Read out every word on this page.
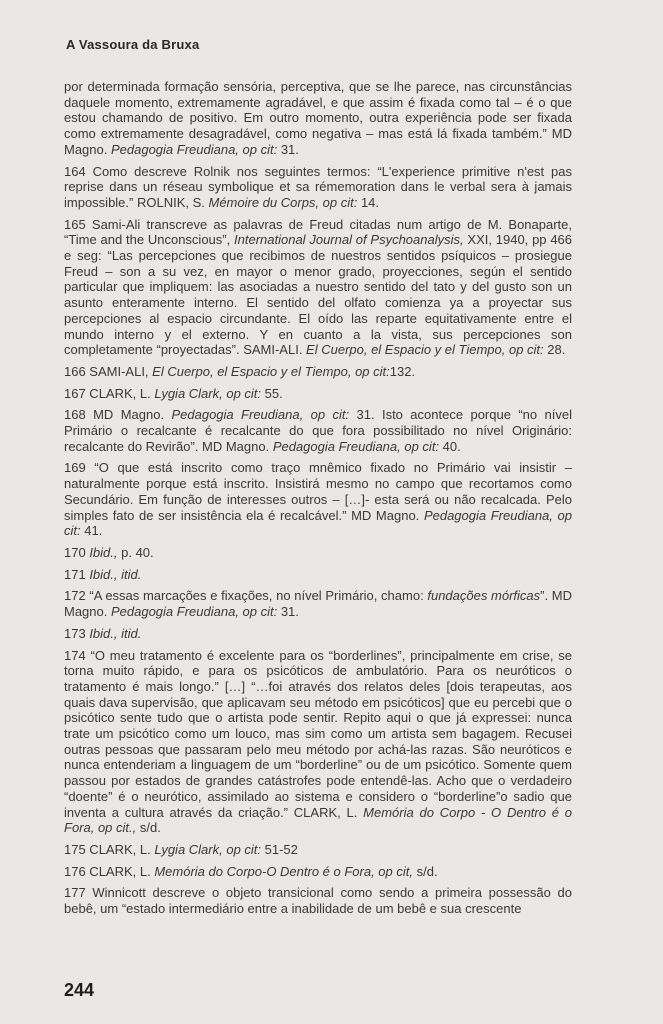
A Vassoura da Bruxa

por determinada formação sensória, perceptiva, que se lhe parece, nas circunstâncias daquele momento, extremamente agradável, e que assim é fixada como tal – é o que estou chamando de positivo. Em outro momento, outra experiência pode ser fixada como extremamente desagradável, como negativa – mas está lá fixada também.” MD Magno. Pedagogia Freudiana, op cit: 31.

164 Como descreve Rolnik nos seguintes termos: “L'experience primitive n'est pas reprise dans un réseau symbolique et sa rémemoration dans le verbal sera à jamais impossible.” ROLNIK, S. Mémoire du Corps, op cit: 14.

165 Sami-Ali transcreve as palavras de Freud citadas num artigo de M. Bonaparte, “Time and the Unconscious”, International Journal of Psychoanalysis, XXI, 1940, pp 466 e seg: “Las percepciones que recibimos de nuestros sentidos psíquicos – prosiegue Freud – son a su vez, en mayor o menor grado, proyecciones, según el sentido particular que impliquem: las asociadas a nuestro sentido del tato y del gusto son un asunto enteramente interno. El sentido del olfato comienza ya a proyectar sus percepciones al espacio circundante. El oído las reparte equitativamente entre el mundo interno y el externo. Y en cuanto a la vista, sus percepciones son completamente “proyectadas”. SAMI-ALI. El Cuerpo, el Espacio y el Tiempo, op cit: 28.

166 SAMI-ALI, El Cuerpo, el Espacio y el Tiempo, op cit:132.

167 CLARK, L. Lygia Clark, op cit: 55.

168 MD Magno. Pedagogia Freudiana, op cit: 31. Isto acontece porque “no nível Primário o recalcante é recalcante do que fora possibilitado no nível Originário: recalcante do Revirão”. MD Magno. Pedagogia Freudiana, op cit: 40.

169 “O que está inscrito como traço mnêmico fixado no Primário vai insistir – naturalmente porque está inscrito. Insistirá mesmo no campo que recortamos como Secundário. Em função de interesses outros – […]- esta será ou não recalcada. Pelo simples fato de ser insistência ela é recalcável.” MD Magno. Pedagogia Freudiana, op cit: 41.

170 Ibid., p. 40.

171 Ibid., itid.

172 “A essas marcações e fixações, no nível Primário, chamo: fundações mórficas”. MD Magno. Pedagogia Freudiana, op cit: 31.

173 Ibid., itid.

174 “O meu tratamento é excelente para os “borderlines”, principalmente em crise, se torna muito rápido, e para os psicóticos de ambulatório. Para os neuróticos o tratamento é mais longo.” […] “…foi através dos relatos deles [dois terapeutas, aos quais dava supervisão, que aplicavam seu método em psicóticos] que eu percebi que o psicótico sente tudo que o artista pode sentir. Repito aqui o que já expressei: nunca trate um psicótico como um louco, mas sim como um artista sem bagagem. Recusei outras pessoas que passaram pelo meu método por achá-las razas. São neuróticos e nunca entenderiam a linguagem de um “borderline” ou de um psicótico. Somente quem passou por estados de grandes catástrofes pode entendê-las. Acho que o verdadeiro “doente” é o neurótico, assimilado ao sistema e considero o “borderline”o sadio que inventa a cultura através da criação.” CLARK, L. Memória do Corpo - O Dentro é o Fora, op cit., s/d.

175 CLARK, L. Lygia Clark, op cit: 51-52

176 CLARK, L. Memória do Corpo-O Dentro é o Fora, op cit, s/d.

177 Winnicott descreve o objeto transicional como sendo a primeira possessão do bebê, um “estado intermediário entre a inabilidade de um bebê e sua crescente

244
